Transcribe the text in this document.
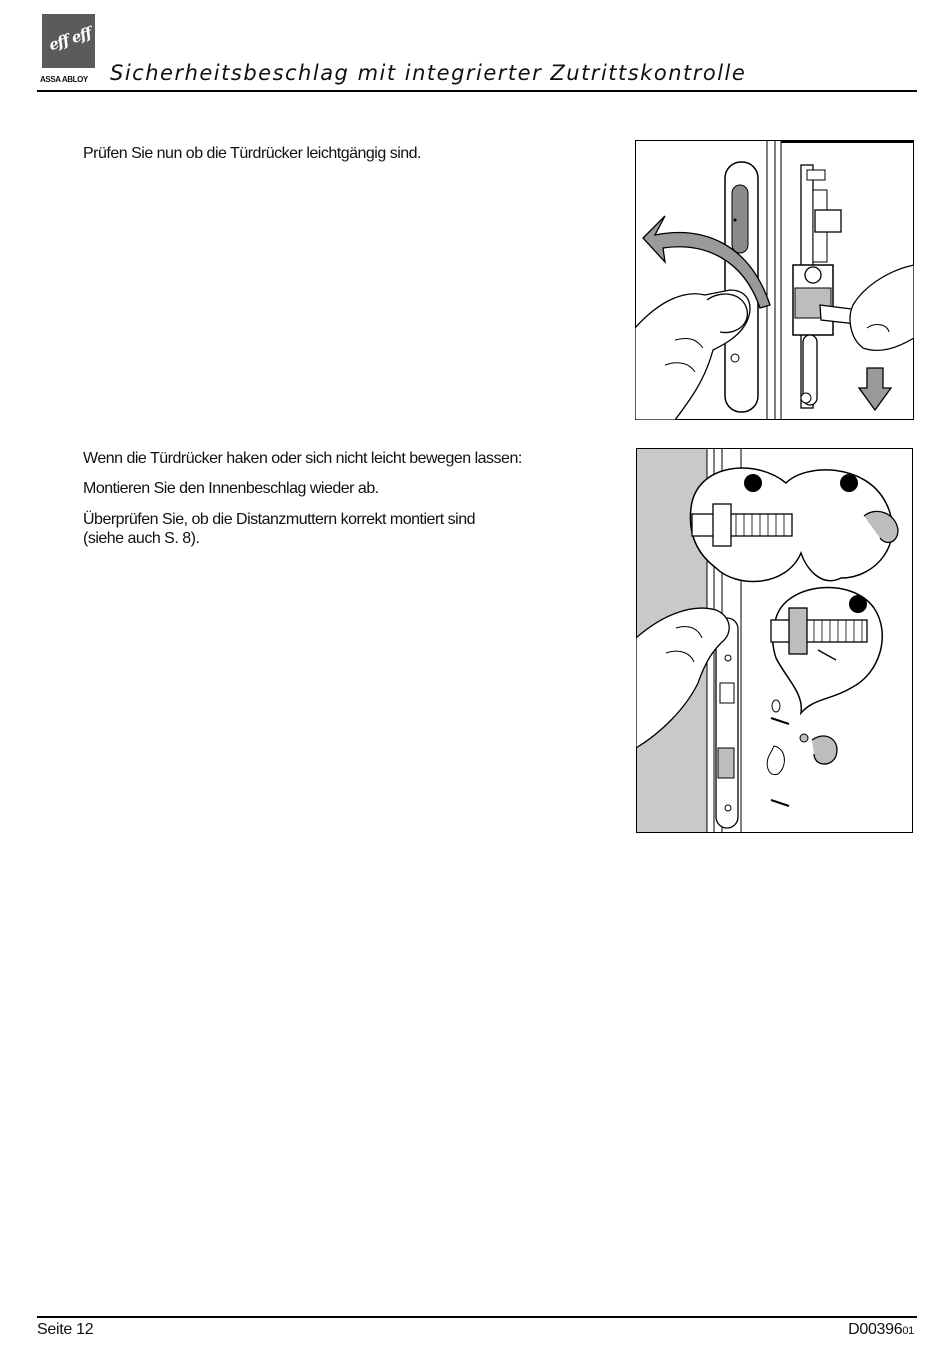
eff eff
ASSA ABLOY	Sicherheitsbeschlag mit integrierter Zutrittskontrolle

Prüfen Sie nun ob die Türdrücker leichtgängig sind.

Wenn die Türdrücker haken oder sich nicht leicht bewegen lassen:

Montieren Sie den Innenbeschlag wieder ab.

Überprüfen Sie, ob die Distanzmuttern korrekt montiert sind
(siehe auch S. 8).

Seite 12	D0039601
